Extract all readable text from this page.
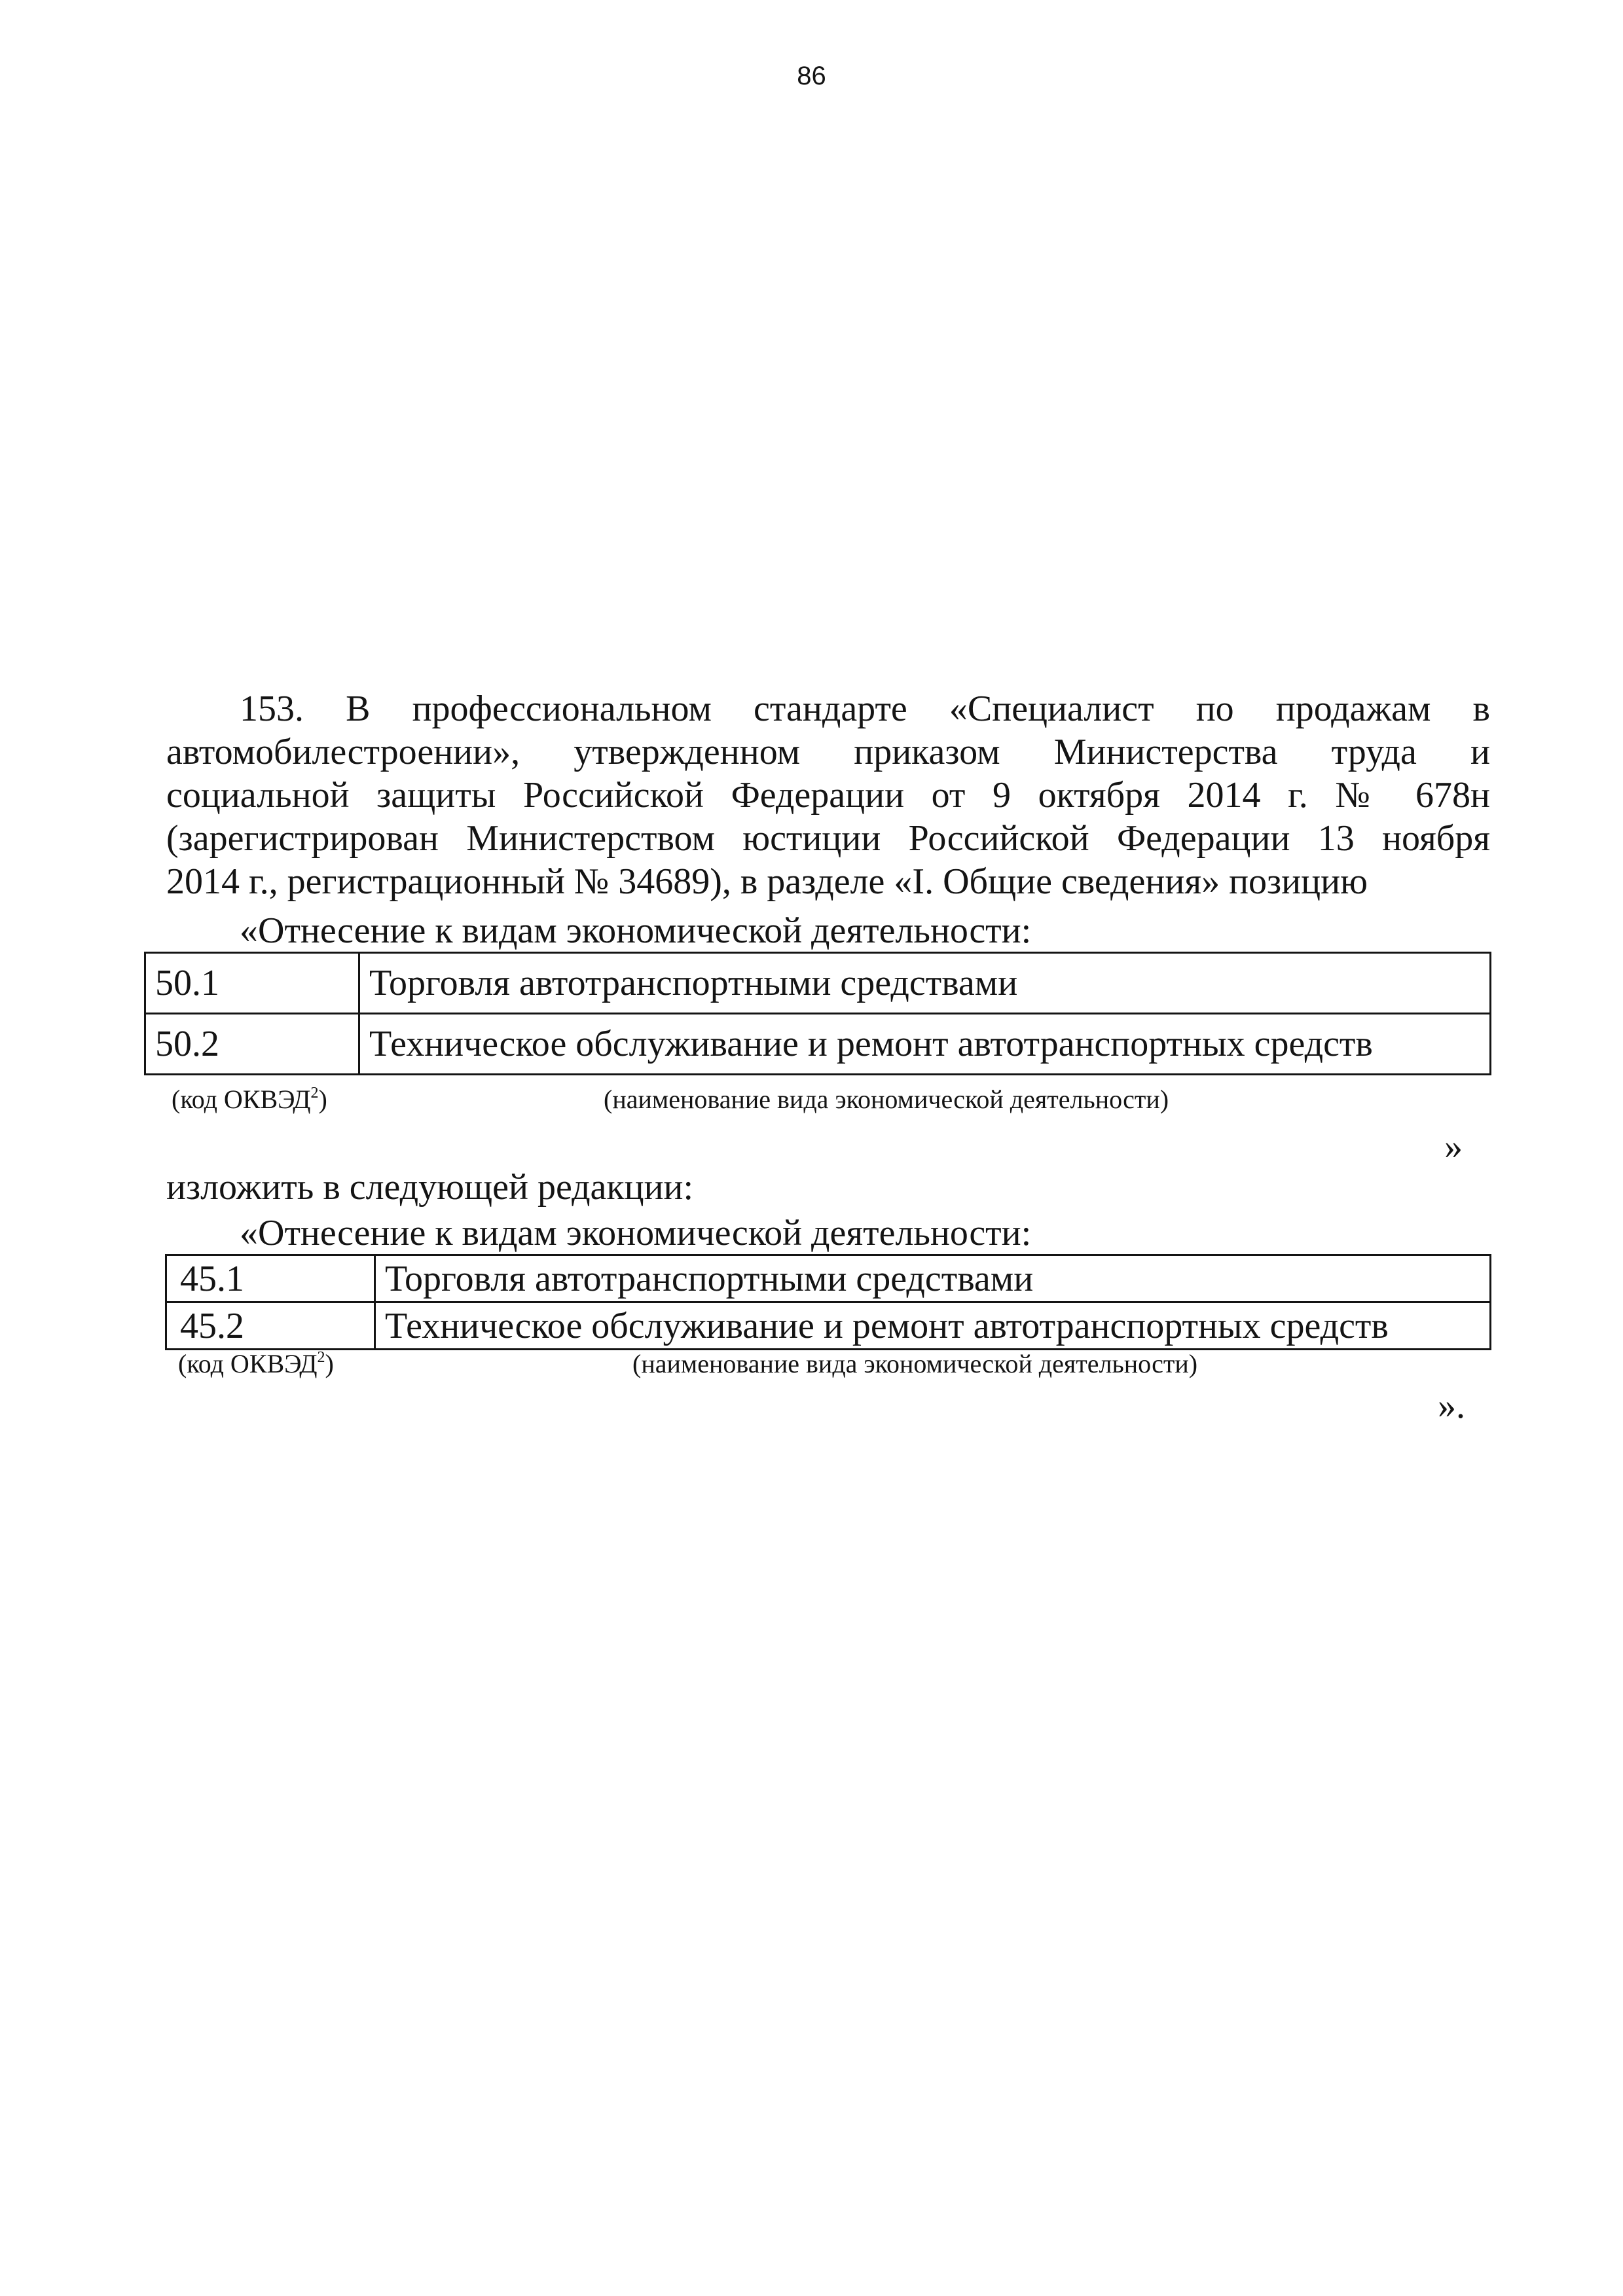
86
153. В профессиональном стандарте «Специалист по продажам в
автомобилестроении», утвержденном приказом Министерства труда и
социальной защиты Российской Федерации от 9 октября 2014 г. № 678н
(зарегистрирован Министерством юстиции Российской Федерации 13 ноября
2014 г., регистрационный № 34689), в разделе «I. Общие сведения» позицию
«Отнесение к видам экономической деятельности:
50.1	Торговля автотранспортными средствами
50.2	Техническое обслуживание и ремонт автотранспортных средств
(код ОКВЭД$^2$)	(наименование вида экономической деятельности)
»
изложить в следующей редакции:
«Отнесение к видам экономической деятельности:
45.1	Торговля автотранспортными средствами
45.2	Техническое обслуживание и ремонт автотранспортных средств
(код ОКВЭД$^2$)	(наименование вида экономической деятельности)
».
